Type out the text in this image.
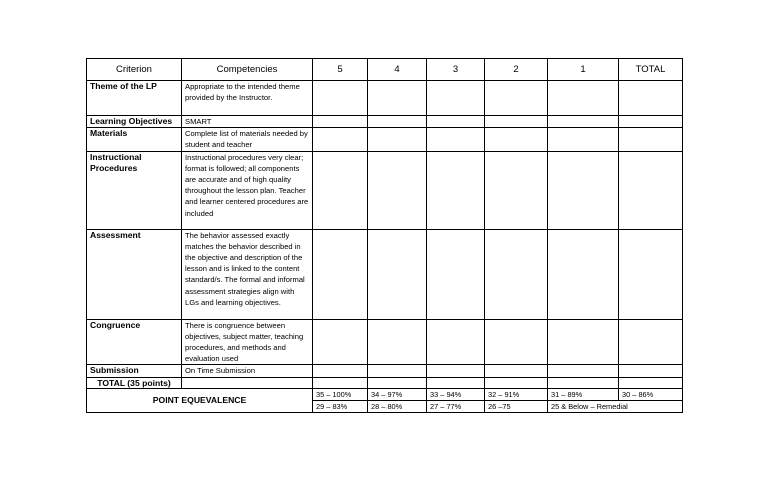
Criterion	Competencies	5	4	3	2	1	TOTAL
Theme of the LP	Appropriate to the intended theme provided by the Instructor.						
Learning Objectives	SMART						
Materials	Complete list of materials needed by student and teacher						
Instructional Procedures	Instructional procedures very clear; format is followed; all components are accurate and of high quality throughout the lesson plan. Teacher and learner centered procedures are included						
Assessment	The behavior assessed exactly matches the behavior described in the objective and description of the lesson and is linked to the content standard/s. The formal and informal assessment strategies align with LGs and learning objectives.						
Congruence	There is congruence between objectives, subject matter, teaching procedures, and methods and evaluation used						
Submission	On Time Submission						
TOTAL (35 points)							
POINT EQUEVALENCE		35 – 100%	34 – 97%	33 – 94%	32 – 91%	31 – 89%	30 – 86%
		29 – 83%	28 – 80%	27 – 77%	26 –75	25 & Below – Remedial	
